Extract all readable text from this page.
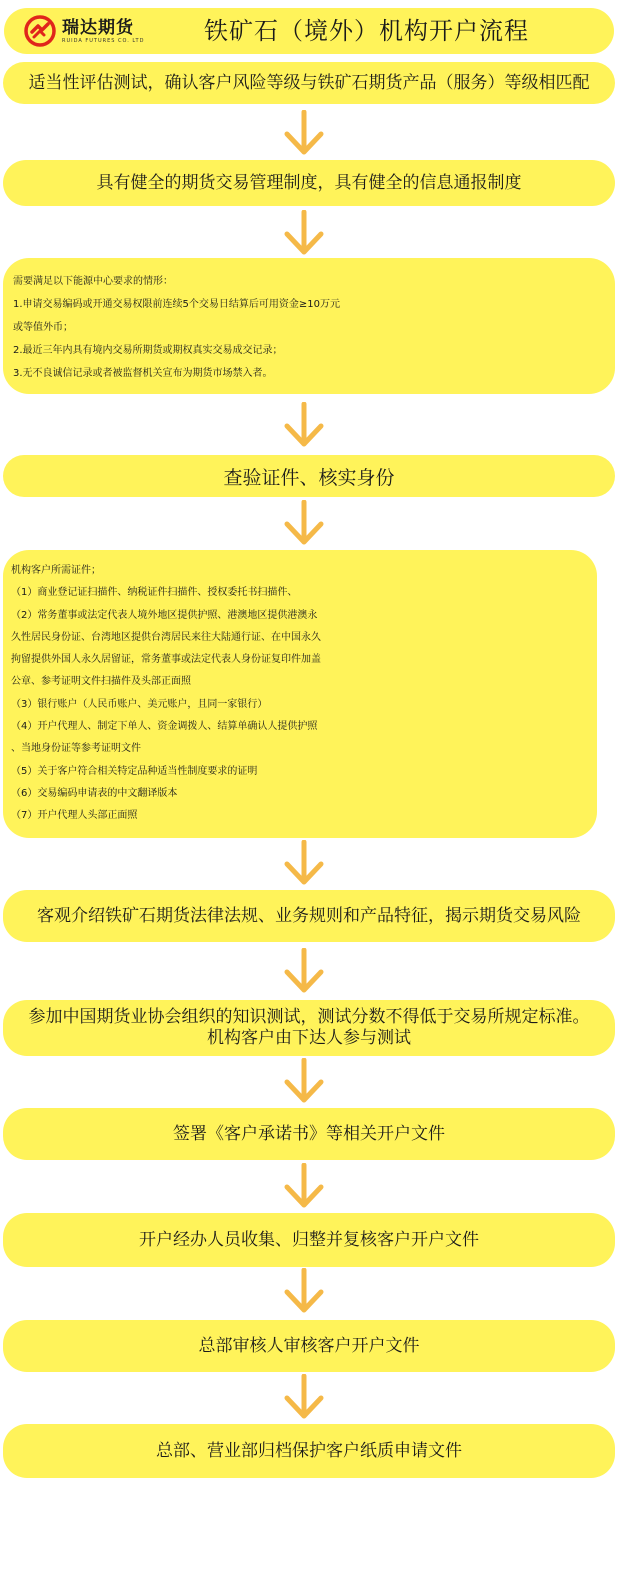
瑞达期货
RUIDA FUTURES CO. LTD 铁矿石（境外）机构开户流程
适当性评估测试，确认客户风险等级与铁矿石期货产品（服务）等级相匹配
具有健全的期货交易管理制度，具有健全的信息通报制度
需要满足以下能源中心要求的情形：
1.申请交易编码或开通交易权限前连续5个交易日结算后可用资金≥10万元
或等值外币；
2.最近三年内具有境内交易所期货或期权真实交易成交记录；
3.无不良诚信记录或者被监督机关宣布为期货市场禁入者。
查验证件、核实身份
机构客户所需证件；
（1）商业登记证扫描件、纳税证件扫描件、授权委托书扫描件、
（2）常务董事或法定代表人境外地区提供护照、港澳地区提供港澳永
久性居民身份证、台湾地区提供台湾居民来往大陆通行证、在中国永久
拘留提供外国人永久居留证，常务董事或法定代表人身份证复印件加盖
公章、参考证明文件扫描件及头部正面照
（3）银行账户（人民币账户、美元账户，且同一家银行）
（4）开户代理人、制定下单人、资金调拨人、结算单确认人提供护照
、当地身份证等参考证明文件
（5）关于客户符合相关特定品种适当性制度要求的证明
（6）交易编码申请表的中文翻译版本
（7）开户代理人头部正面照
客观介绍铁矿石期货法律法规、业务规则和产品特征，揭示期货交易风险
参加中国期货业协会组织的知识测试，测试分数不得低于交易所规定标准。
机构客户由下达人参与测试
签署《客户承诺书》等相关开户文件
开户经办人员收集、归整并复核客户开户文件
总部审核人审核客户开户文件
总部、营业部归档保护客户纸质申请文件
